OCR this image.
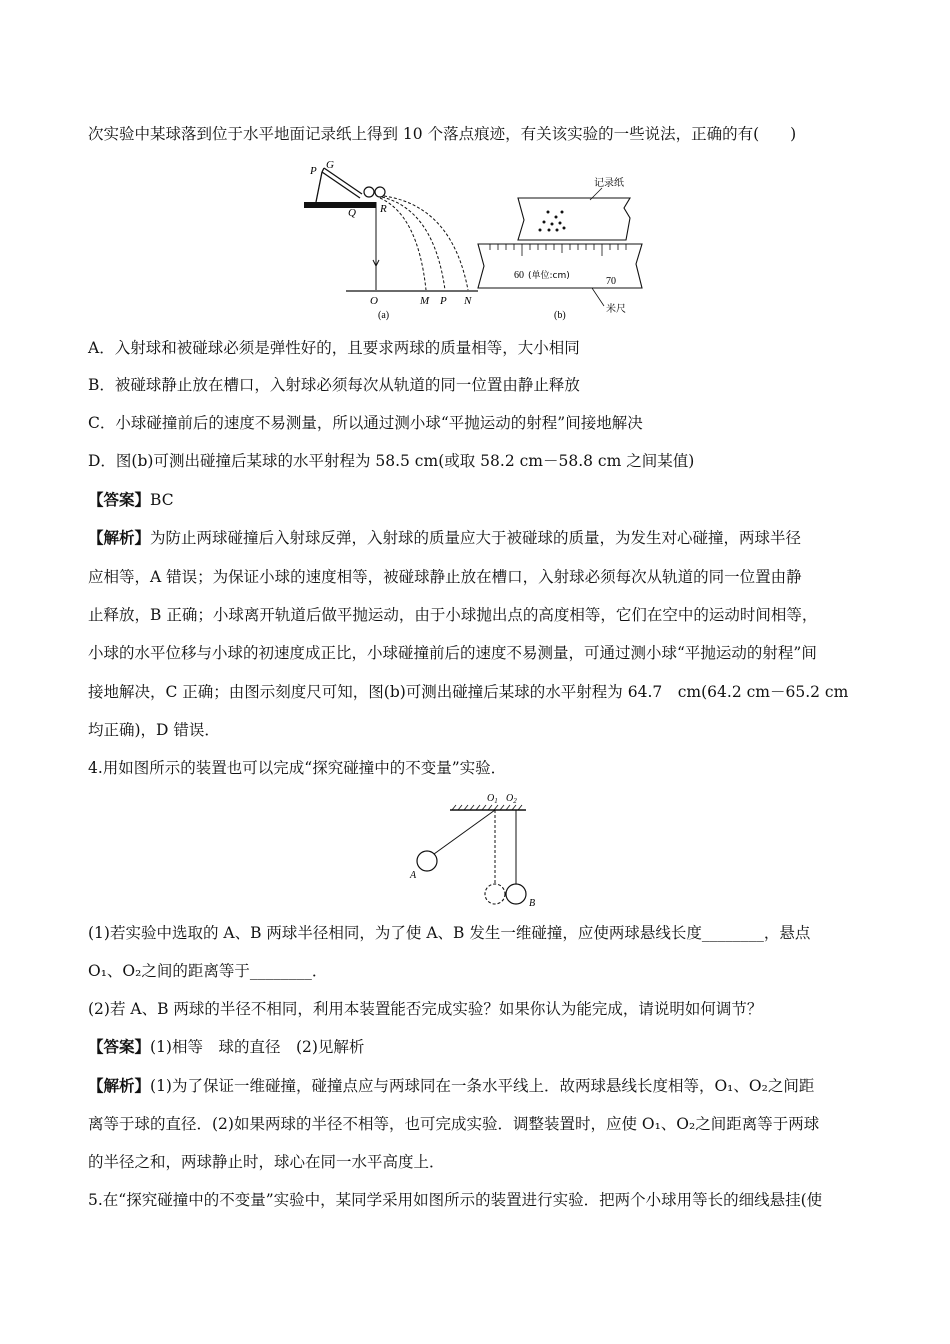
次实验中某球落到位于水平地面记录纸上得到 10 个落点痕迹，有关该实验的一些说法，正确的有(　　)
P G
Q R
O	M P N
(a)
记录纸
60 (单位:cm)	70
米尺
(b)
A．入射球和被碰球必须是弹性好的，且要求两球的质量相等，大小相同
B．被碰球静止放在槽口，入射球必须每次从轨道的同一位置由静止释放
C．小球碰撞前后的速度不易测量，所以通过测小球“平抛运动的射程”间接地解决
D．图(b)可测出碰撞后某球的水平射程为 58.5 cm(或取 58.2 cm－58.8 cm 之间某值)
【答案】BC
【解析】为防止两球碰撞后入射球反弹，入射球的质量应大于被碰球的质量，为发生对心碰撞，两球半径
应相等，A 错误；为保证小球的速度相等，被碰球静止放在槽口，入射球必须每次从轨道的同一位置由静
止释放，B 正确；小球离开轨道后做平抛运动，由于小球抛出点的高度相等，它们在空中的运动时间相等，
小球的水平位移与小球的初速度成正比，小球碰撞前后的速度不易测量，可通过测小球“平抛运动的射程”间
接地解决，C 正确；由图示刻度尺可知，图(b)可测出碰撞后某球的水平射程为 64.7　cm(64.2 cm－65.2 cm
均正确)，D 错误．
4.用如图所示的装置也可以完成“探究碰撞中的不变量”实验．
$O_1$ $O_2$
A
B
(1)若实验中选取的 A、B 两球半径相同，为了使 A、B 发生一维碰撞，应使两球悬线长度________，悬点
O₁、O₂之间的距离等于________．
(2)若 A、B 两球的半径不相同，利用本装置能否完成实验？如果你认为能完成，请说明如何调节？
【答案】(1)相等　球的直径　(2)见解析
【解析】(1)为了保证一维碰撞，碰撞点应与两球同在一条水平线上．故两球悬线长度相等，O₁、O₂之间距
离等于球的直径．(2)如果两球的半径不相等，也可完成实验．调整装置时，应使 O₁、O₂之间距离等于两球
的半径之和，两球静止时，球心在同一水平高度上．
5.在“探究碰撞中的不变量”实验中，某同学采用如图所示的装置进行实验．把两个小球用等长的细线悬挂(使
